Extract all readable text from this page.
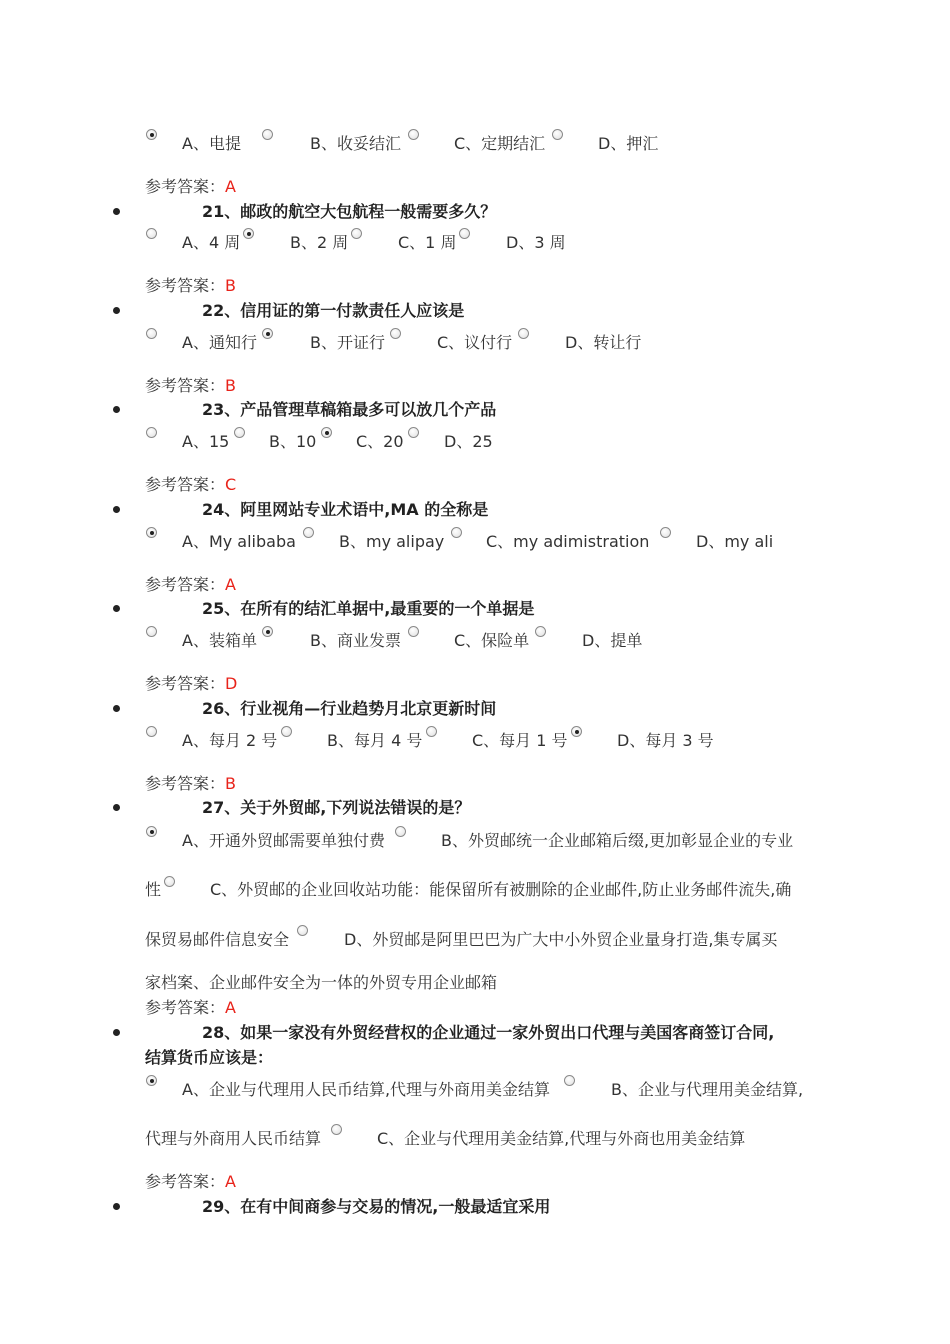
A、电提	B、收妥结汇	C、定期结汇	D、押汇
参考答案：A
21、邮政的航空大包航程一般需要多久？
A、4 周	B、2 周	C、1 周	D、3 周
参考答案：B
22、信用证的第一付款责任人应该是
A、通知行	B、开证行	C、议付行	D、转让行
参考答案：B
23、产品管理草稿箱最多可以放几个产品
A、15 B、10 C、20	D、25
参考答案：C
24、阿里网站专业术语中,MA 的全称是
A、My alibaba	B、my alipay	C、my adimistration	D、my ali
参考答案：A
25、在所有的结汇单据中,最重要的一个单据是
A、装箱单	B、商业发票	C、保险单	D、提单
参考答案：D
26、行业视角—行业趋势月北京更新时间
A、每月 2 号	B、每月 4 号	C、每月 1 号	D、每月 3 号
参考答案：B
27、关于外贸邮,下列说法错误的是？
A、开通外贸邮需要单独付费	B、外贸邮统一企业邮箱后缀,更加彰显企业的专业
性	C、外贸邮的企业回收站功能：能保留所有被删除的企业邮件,防止业务邮件流失,确
保贸易邮件信息安全	D、外贸邮是阿里巴巴为广大中小外贸企业量身打造,集专属买
家档案、企业邮件安全为一体的外贸专用企业邮箱
参考答案：A
28、如果一家没有外贸经营权的企业通过一家外贸出口代理与美国客商签订合同,
结算货币应该是：
A、企业与代理用人民币结算,代理与外商用美金结算	B、企业与代理用美金结算,
代理与外商用人民币结算	C、企业与代理用美金结算,代理与外商也用美金结算
参考答案：A
29、在有中间商参与交易的情况,一般最适宜采用
